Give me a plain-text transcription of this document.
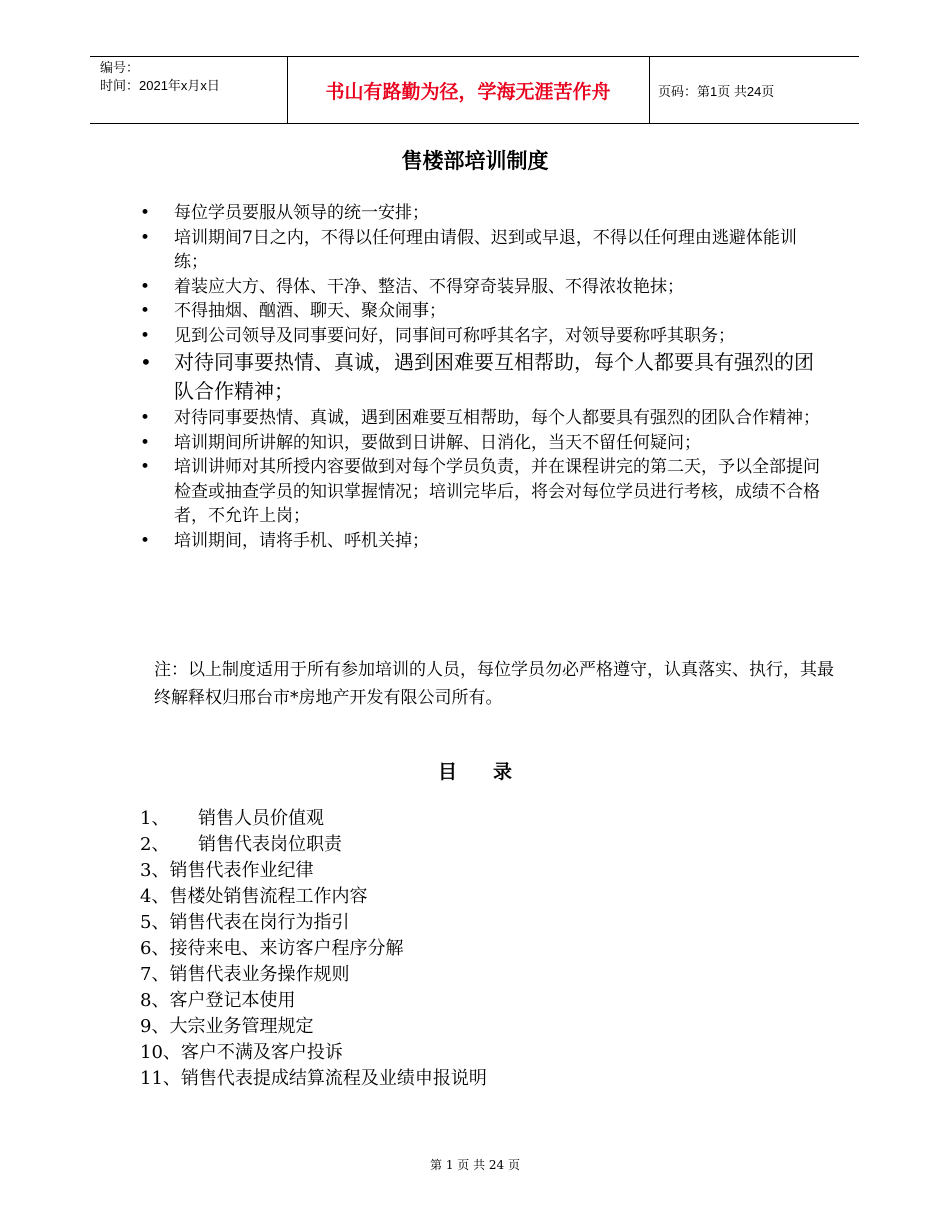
编号：
时间：2021年x月x日	书山有路勤为径，学海无涯苦作舟	页码：第1页 共24页
售楼部培训制度
• 每位学员要服从领导的统一安排；
• 培训期间7日之内，不得以任何理由请假、迟到或早退，不得以任何理由逃避体能训练；
• 着装应大方、得体、干净、整洁、不得穿奇装异服、不得浓妆艳抹；
• 不得抽烟、酗酒、聊天、聚众闹事；
• 见到公司领导及同事要问好，同事间可称呼其名字，对领导要称呼其职务；
• 对待同事要热情、真诚，遇到困难要互相帮助，每个人都要具有强烈的团队合作精神；
• 对待同事要热情、真诚，遇到困难要互相帮助，每个人都要具有强烈的团队合作精神；
• 培训期间所讲解的知识，要做到日讲解、日消化，当天不留任何疑问；
• 培训讲师对其所授内容要做到对每个学员负责，并在课程讲完的第二天，予以全部提问检查或抽查学员的知识掌握情况；培训完毕后，将会对每位学员进行考核，成绩不合格者，不允许上岗；
• 培训期间，请将手机、呼机关掉；
注：以上制度适用于所有参加培训的人员，每位学员勿必严格遵守，认真落实、执行，其最终解释权归邢台市*房地产开发有限公司所有。
目录
1、     销售人员价值观
2、     销售代表岗位职责
3、销售代表作业纪律
4、售楼处销售流程工作内容
5、销售代表在岗行为指引
6、接待来电、来访客户程序分解
7、销售代表业务操作规则
8、客户登记本使用
9、大宗业务管理规定
10、客户不满及客户投诉
11、销售代表提成结算流程及业绩申报说明
第 1 页 共 24 页
